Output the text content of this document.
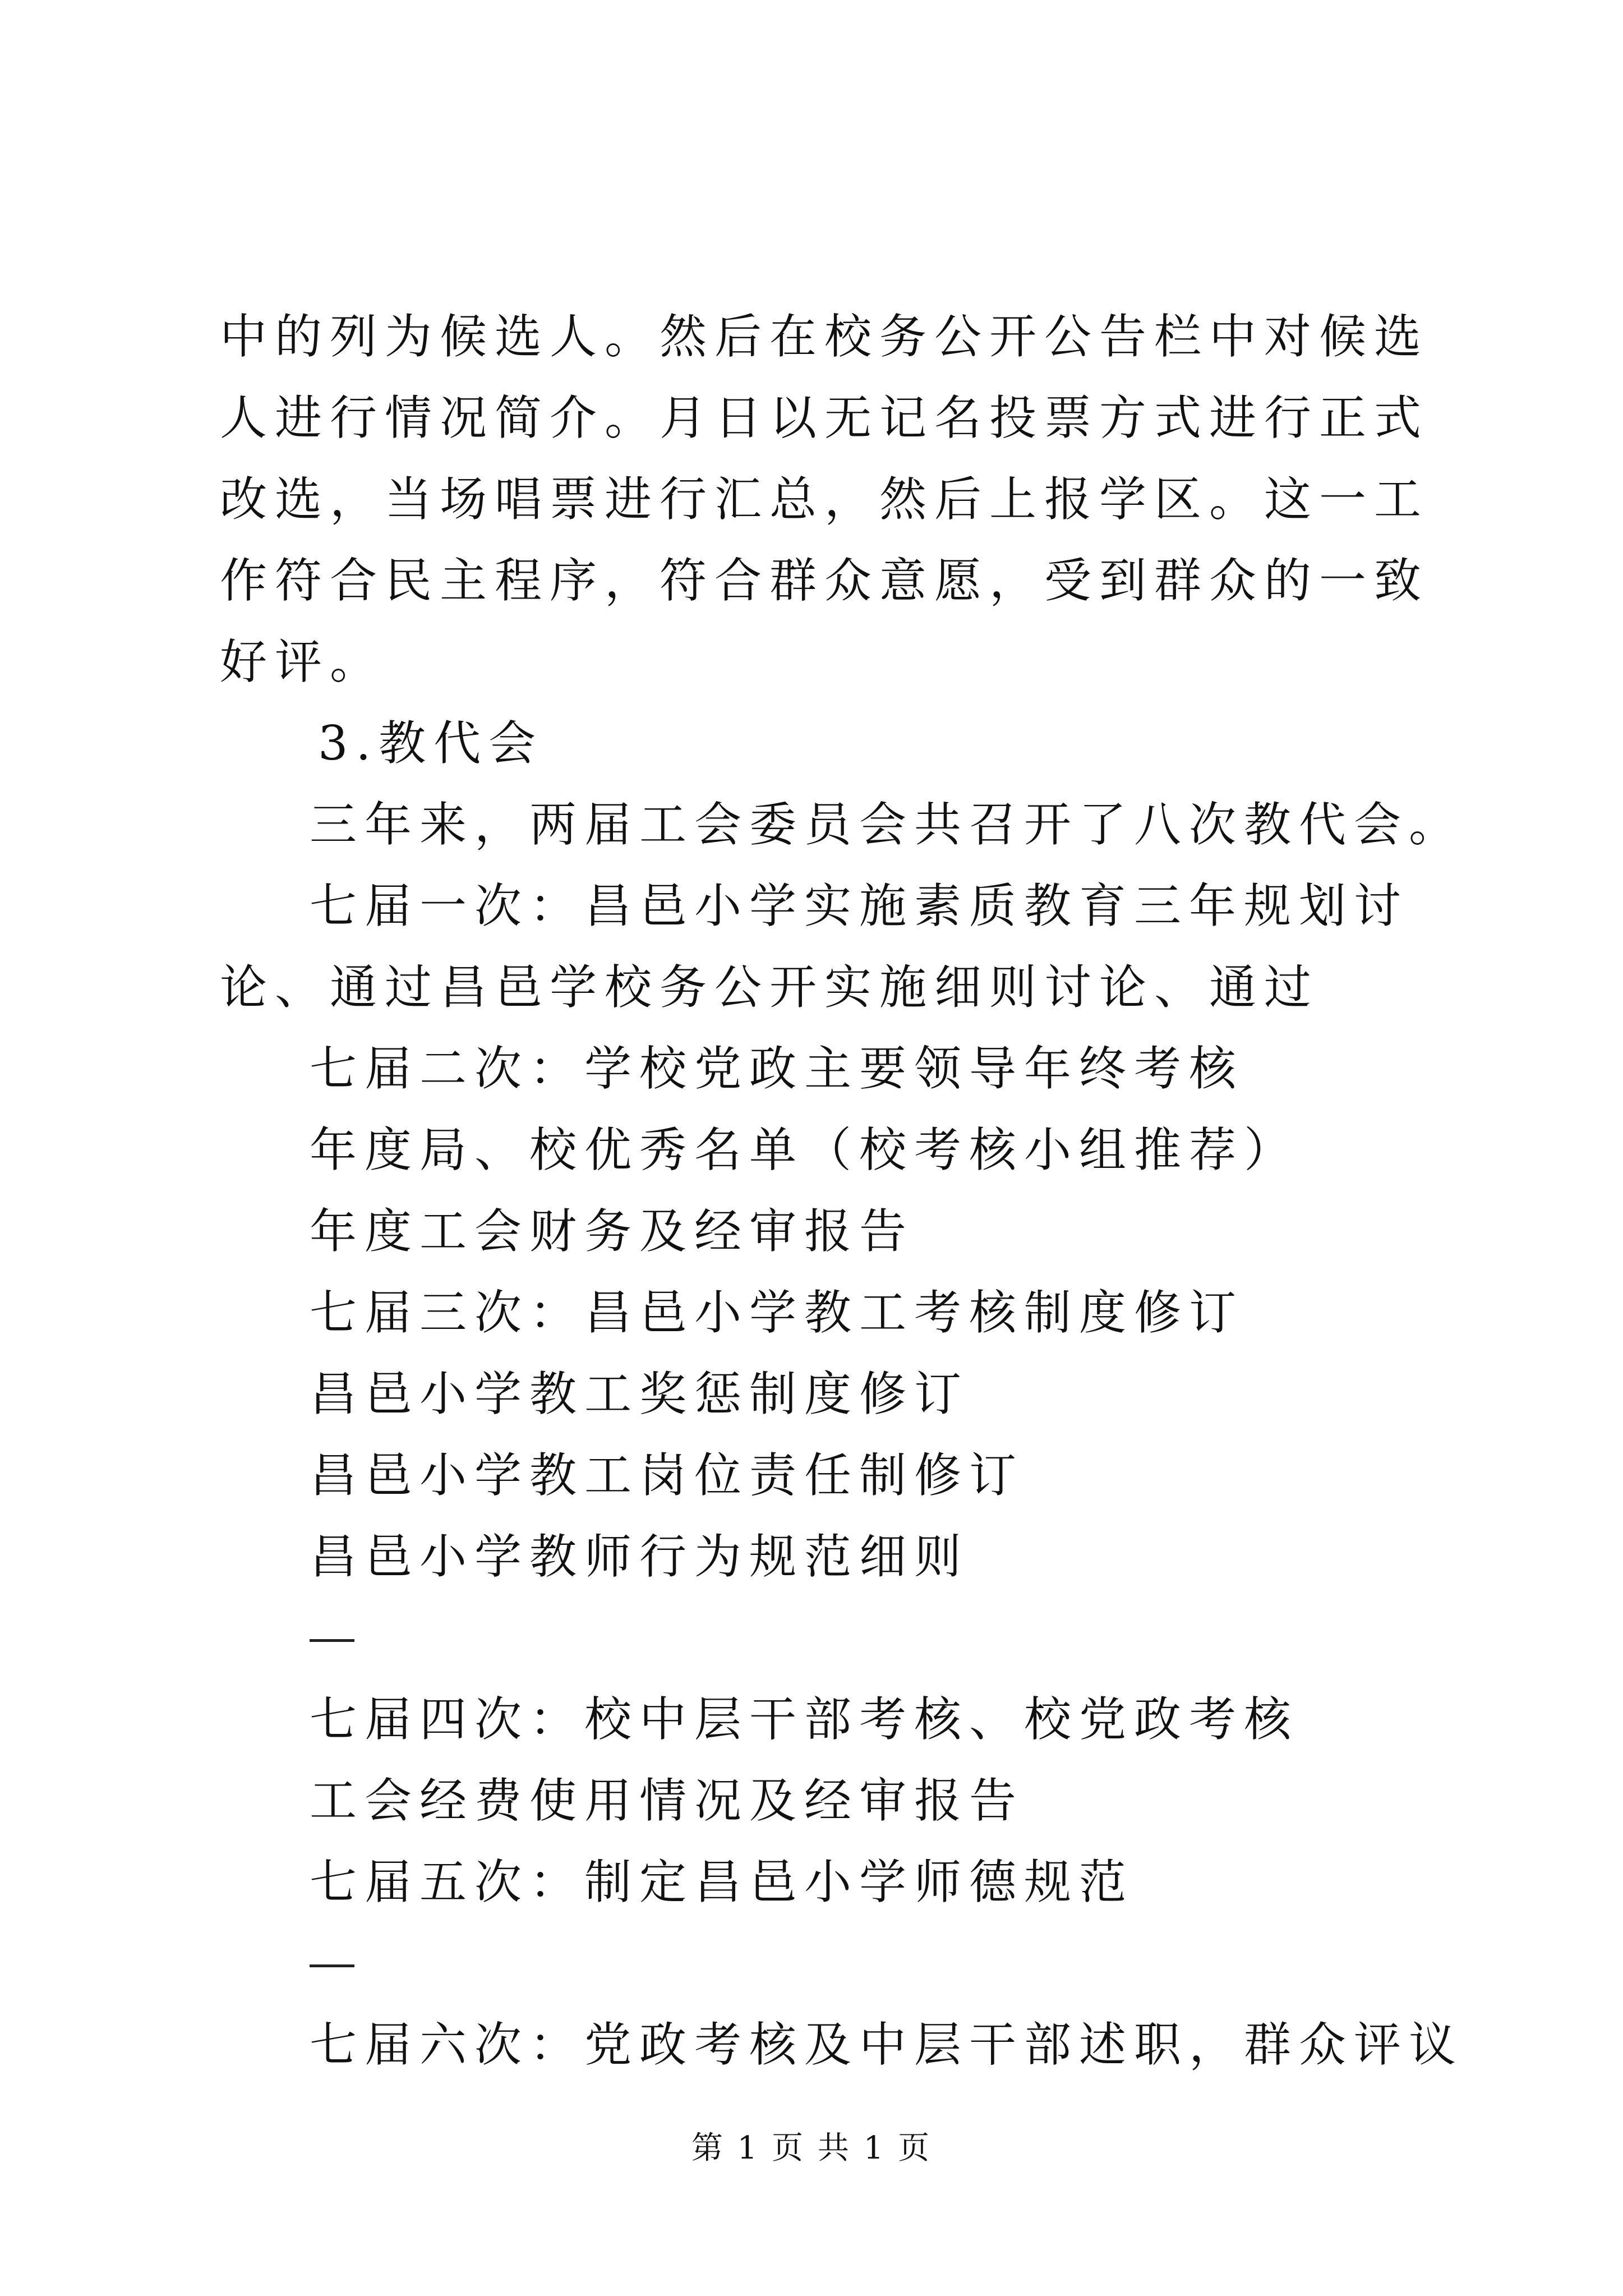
中的列为候选人。然后在校务公开公告栏中对候选人进行情况简介。月日以无记名投票方式进行正式改选，当场唱票进行汇总，然后上报学区。这一工作符合民主程序，符合群众意愿，受到群众的一致好评。

3.教代会

三年来，两届工会委员会共召开了八次教代会。

七届一次：昌邑小学实施素质教育三年规划讨论、通过昌邑学校务公开实施细则讨论、通过

七届二次：学校党政主要领导年终考核

年度局、校优秀名单（校考核小组推荐）

年度工会财务及经审报告

七届三次：昌邑小学教工考核制度修订

昌邑小学教工奖惩制度修订

昌邑小学教工岗位责任制修订

昌邑小学教师行为规范细则

七届四次：校中层干部考核、校党政考核

工会经费使用情况及经审报告

七届五次：制定昌邑小学师德规范

七届六次：党政考核及中层干部述职，群众评议

第 1 页 共 1 页
